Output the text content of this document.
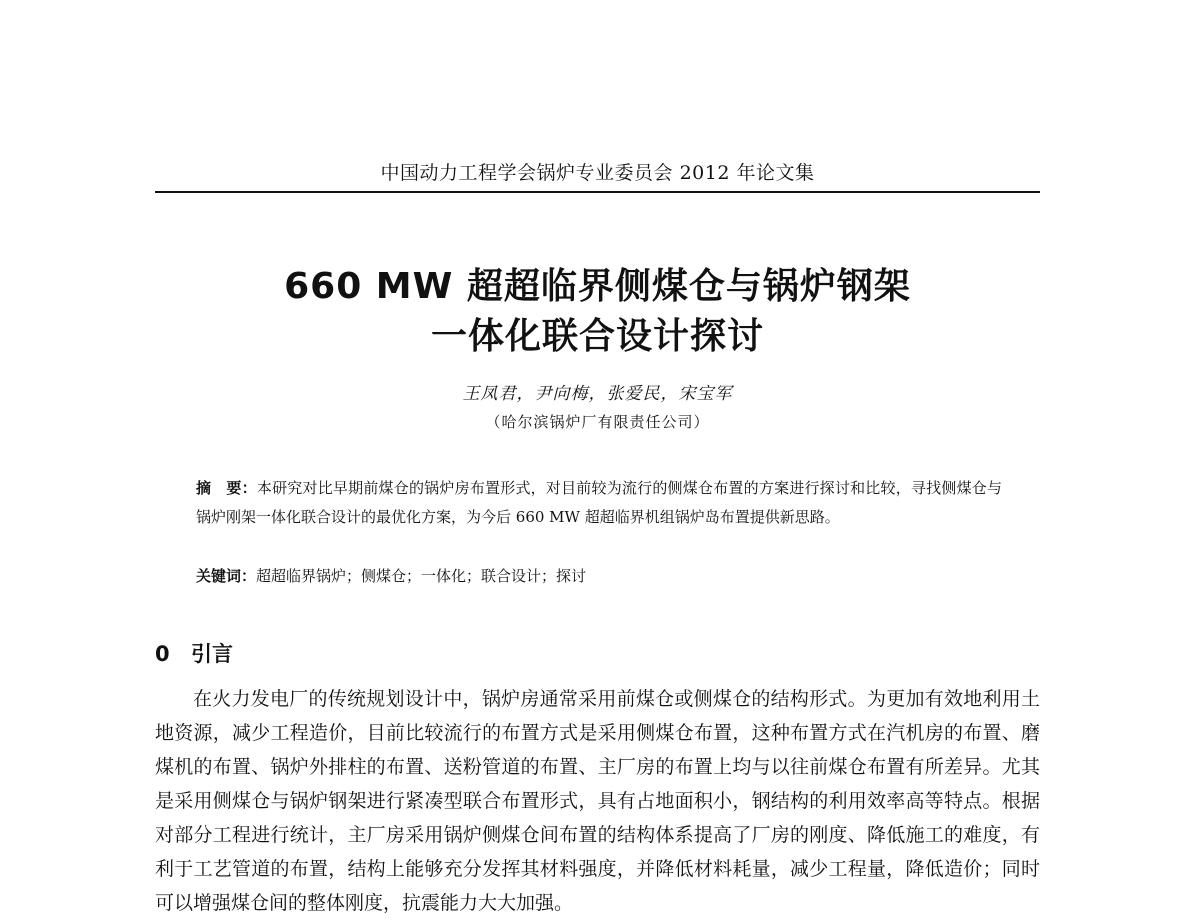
中国动力工程学会锅炉专业委员会 2012 年论文集
660 MW 超超临界侧煤仓与锅炉钢架
一体化联合设计探讨
王凤君，尹向梅，张爱民，宋宝军
（哈尔滨锅炉厂有限责任公司）
摘　要：本研究对比早期前煤仓的锅炉房布置形式，对目前较为流行的侧煤仓布置的方案进行探讨和比较，寻找侧煤仓与锅炉刚架一体化联合设计的最优化方案，为今后 660 MW 超超临界机组锅炉岛布置提供新思路。
关键词：超超临界锅炉；侧煤仓；一体化；联合设计；探讨
0 引言
在火力发电厂的传统规划设计中，锅炉房通常采用前煤仓或侧煤仓的结构形式。为更加有效地利用土地资源，减少工程造价，目前比较流行的布置方式是采用侧煤仓布置，这种布置方式在汽机房的布置、磨煤机的布置、锅炉外排柱的布置、送粉管道的布置、主厂房的布置上均与以往前煤仓布置有所差异。尤其是采用侧煤仓与锅炉钢架进行紧凑型联合布置形式，具有占地面积小，钢结构的利用效率高等特点。根据对部分工程进行统计，主厂房采用锅炉侧煤仓间布置的结构体系提高了厂房的刚度、降低施工的难度，有利于工艺管道的布置，结构上能够充分发挥其材料强度，并降低材料耗量，减少工程量，降低造价；同时可以增强煤仓间的整体刚度，抗震能力大大加强。
